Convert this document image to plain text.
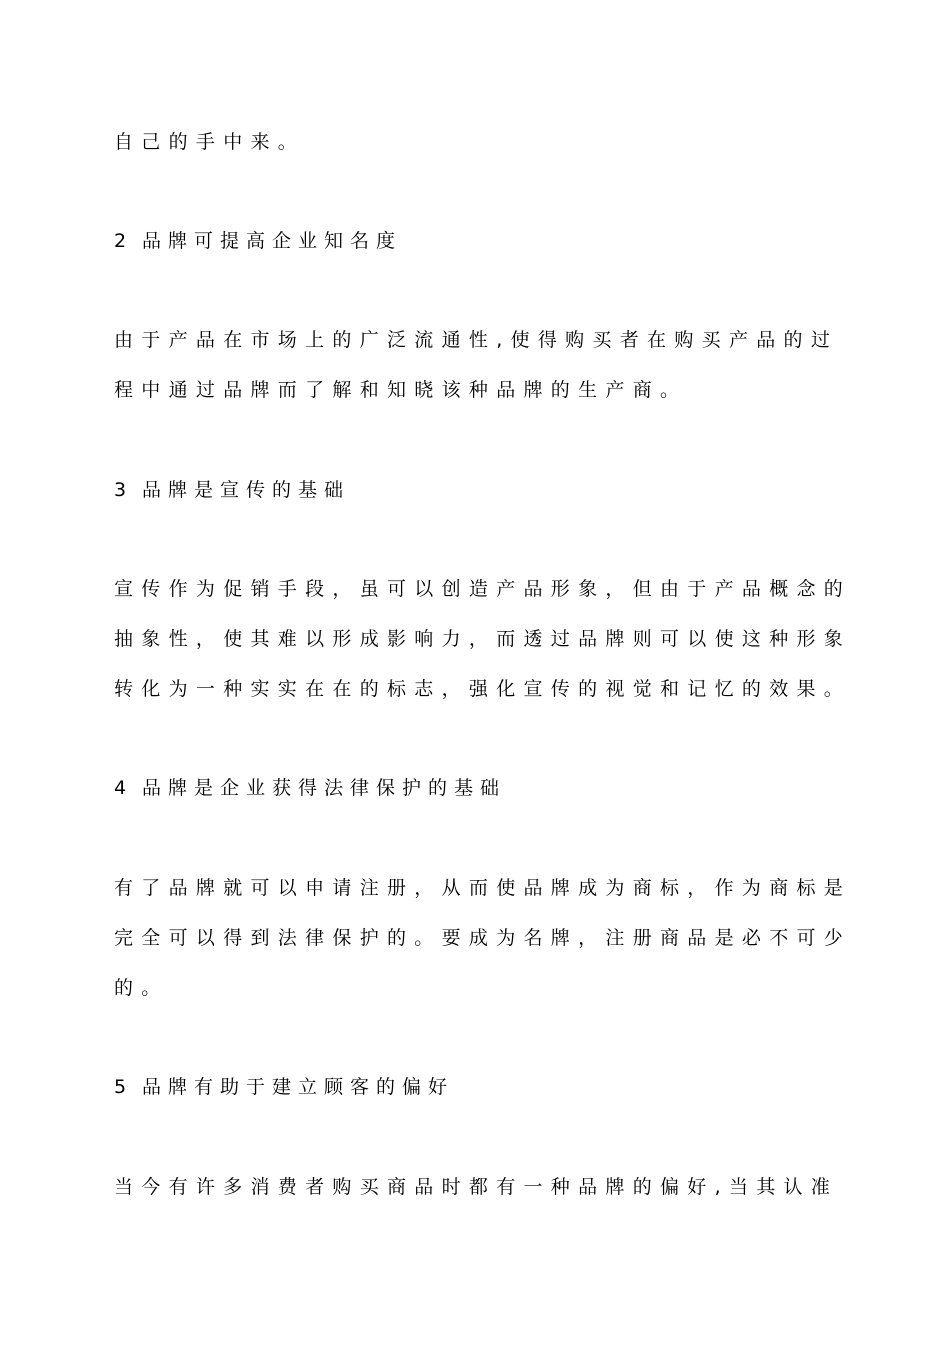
自己的手中来。
2 品牌可提高企业知名度
由于产品在市场上的广泛流通性,使得购买者在购买产品的过
程中通过品牌而了解和知晓该种品牌的生产商。
3 品牌是宣传的基础
宣传作为促销手段，虽可以创造产品形象，但由于产品概念的
抽象性，使其难以形成影响力，而透过品牌则可以使这种形象
转化为一种实实在在的标志，强化宣传的视觉和记忆的效果。
4 品牌是企业获得法律保护的基础
有了品牌就可以申请注册，从而使品牌成为商标，作为商标是
完全可以得到法律保护的。要成为名牌，注册商品是必不可少
的。
5 品牌有助于建立顾客的偏好
当今有许多消费者购买商品时都有一种品牌的偏好,当其认准
